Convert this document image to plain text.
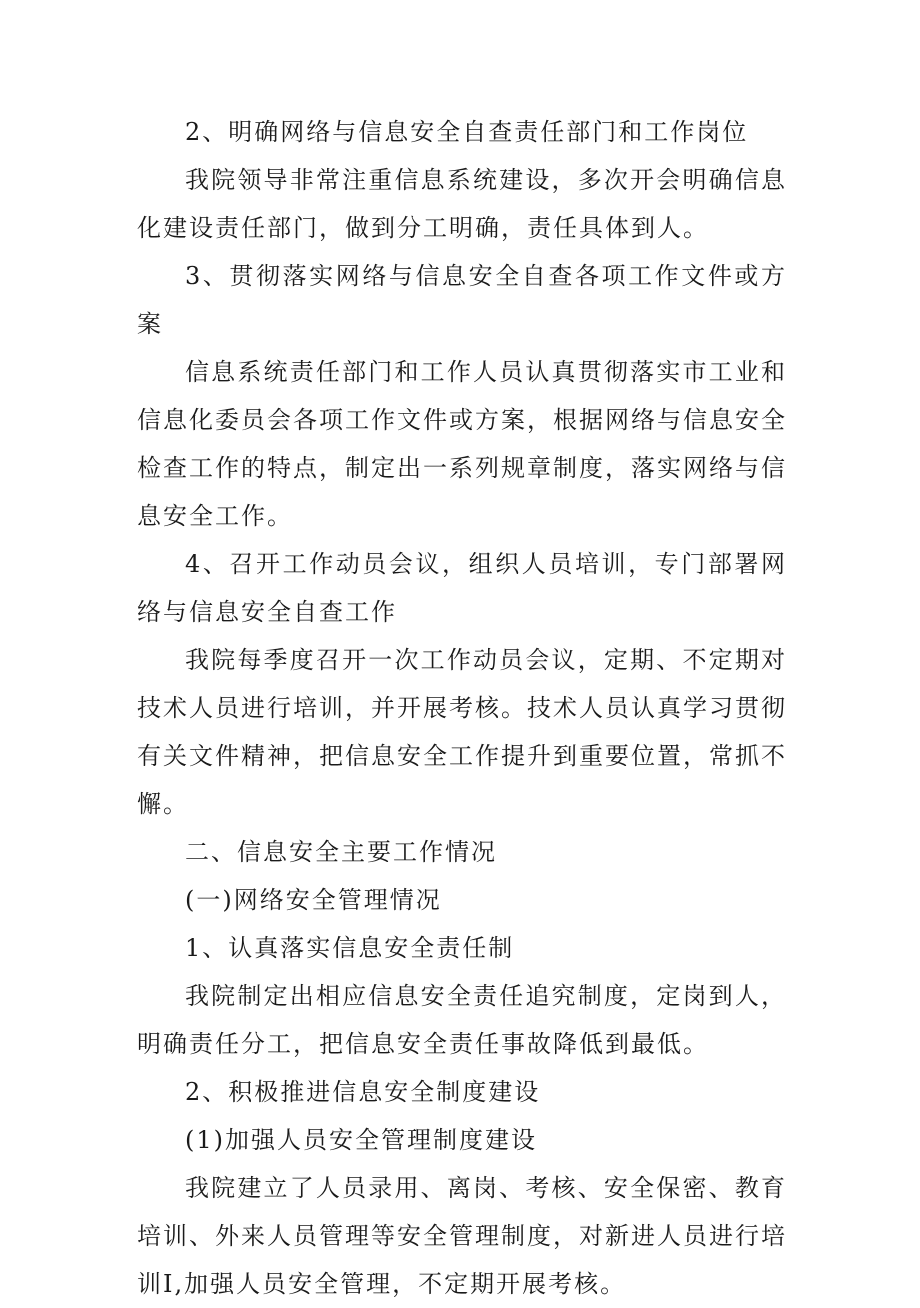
2、明确网络与信息安全自查责任部门和工作岗位

我院领导非常注重信息系统建设，多次开会明确信息化建设责任部门，做到分工明确，责任具体到人。

3、贯彻落实网络与信息安全自查各项工作文件或方案

信息系统责任部门和工作人员认真贯彻落实市工业和信息化委员会各项工作文件或方案，根据网络与信息安全检查工作的特点，制定出一系列规章制度，落实网络与信息安全工作。

4、召开工作动员会议，组织人员培训，专门部署网络与信息安全自查工作

我院每季度召开一次工作动员会议，定期、不定期对技术人员进行培训，并开展考核。技术人员认真学习贯彻有关文件精神，把信息安全工作提升到重要位置，常抓不懈。

二、信息安全主要工作情况

(一)网络安全管理情况

1、认真落实信息安全责任制

我院制定出相应信息安全责任追究制度，定岗到人，明确责任分工，把信息安全责任事故降低到最低。

2、积极推进信息安全制度建设

(1)加强人员安全管理制度建设

我院建立了人员录用、离岗、考核、安全保密、教育培训、外来人员管理等安全管理制度，对新进人员进行培训I,加强人员安全管理，不定期开展考核。
